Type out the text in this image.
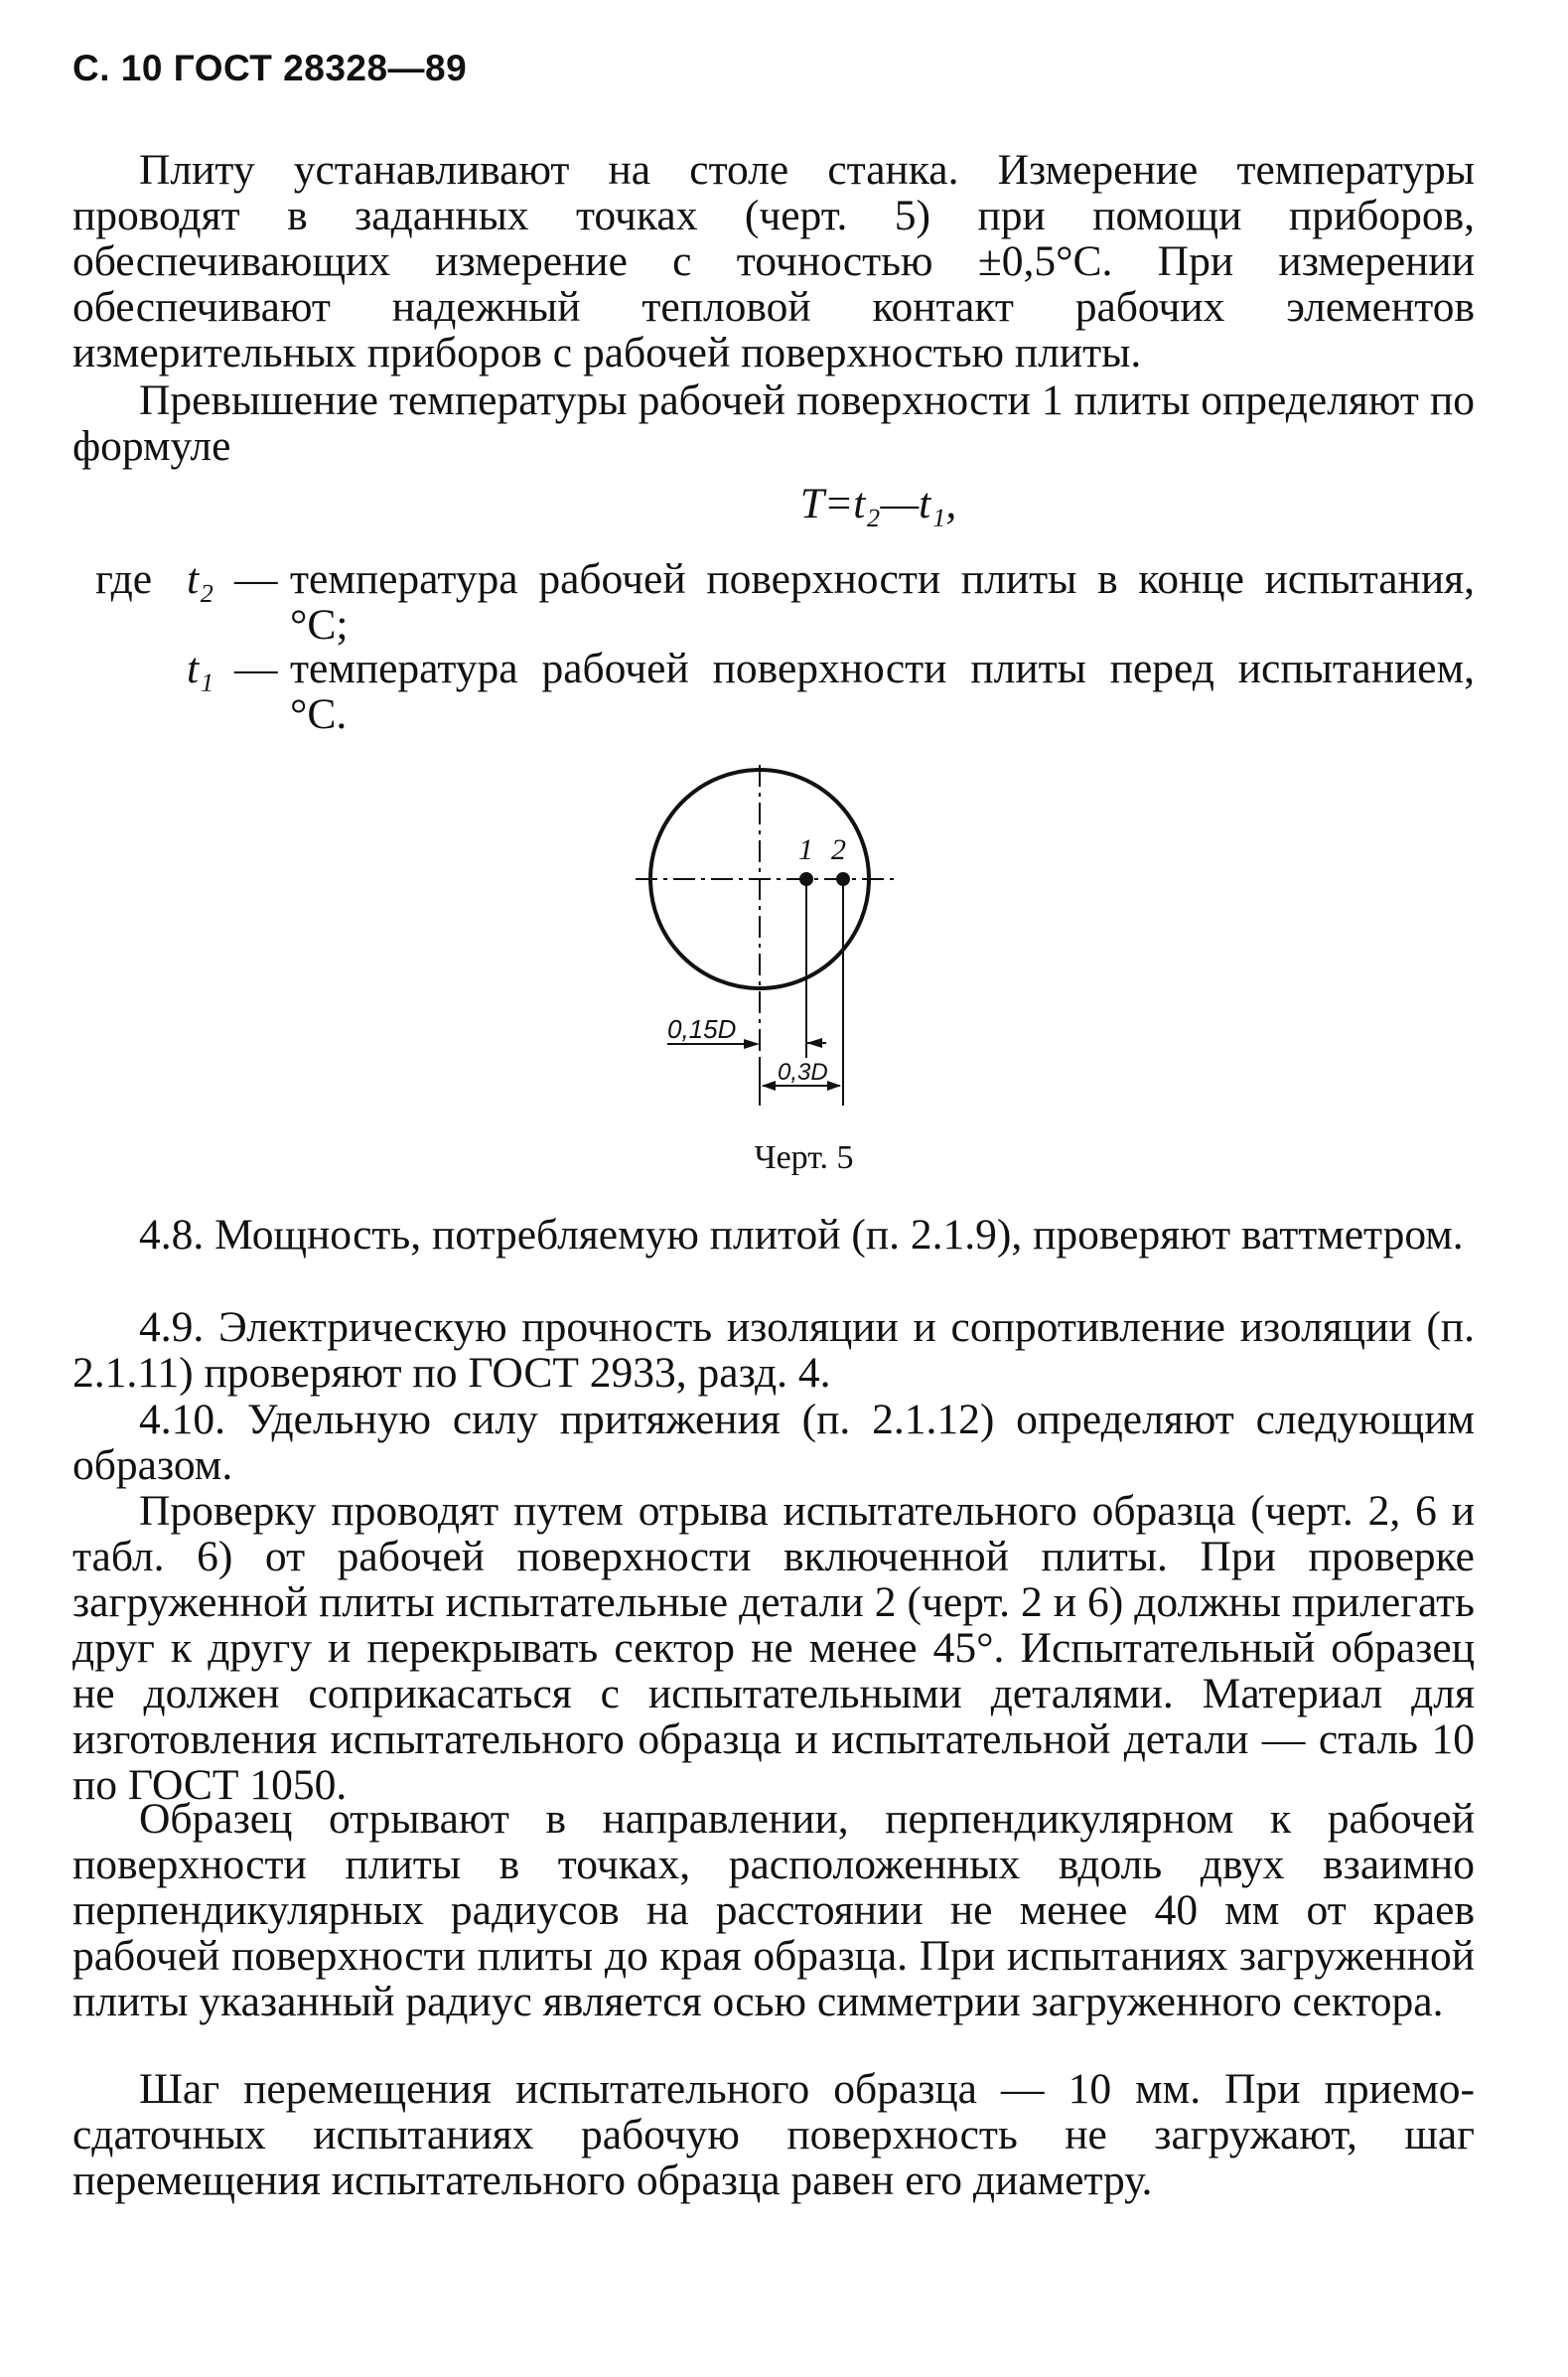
С. 10 ГОСТ 28328—89
Плиту устанавливают на столе станка. Измерение температуры проводят в заданных точках (черт. 5) при помощи приборов, обеспечивающих измерение с точностью ±0,5°С. При измерении обеспечивают надежный тепловой контакт рабочих элементов измерительных приборов с рабочей поверхностью плиты.
Превышение температуры рабочей поверхности 1 плиты определяют по формуле
T=t₂—t₁,
где t₂ — температура рабочей поверхности плиты в конце испытания, °С;
t₁ — температура рабочей поверхности плиты перед испытанием, °С.
1 2
0,15D
0,3D
Черт. 5
4.8. Мощность, потребляемую плитой (п. 2.1.9), проверяют ваттметром.
4.9. Электрическую прочность изоляции и сопротивление изоляции (п. 2.1.11) проверяют по ГОСТ 2933, разд. 4.
4.10. Удельную силу притяжения (п. 2.1.12) определяют следующим образом.
Проверку проводят путем отрыва испытательного образца (черт. 2, 6 и табл. 6) от рабочей поверхности включенной плиты. При проверке загруженной плиты испытательные детали 2 (черт. 2 и 6) должны прилегать друг к другу и перекрывать сектор не менее 45°. Испытательный образец не должен соприкасаться с испытательными деталями. Материал для изготовления испытательного образца и испытательной детали — сталь 10 по ГОСТ 1050.
Образец отрывают в направлении, перпендикулярном к рабочей поверхности плиты в точках, расположенных вдоль двух взаимно перпендикулярных радиусов на расстоянии не менее 40 мм от краев рабочей поверхности плиты до края образца. При испытаниях загруженной плиты указанный радиус является осью симметрии загруженного сектора.
Шаг перемещения испытательного образца — 10 мм. При приемо-сдаточных испытаниях рабочую поверхность не загружают, шаг перемещения испытательного образца равен его диаметру.
